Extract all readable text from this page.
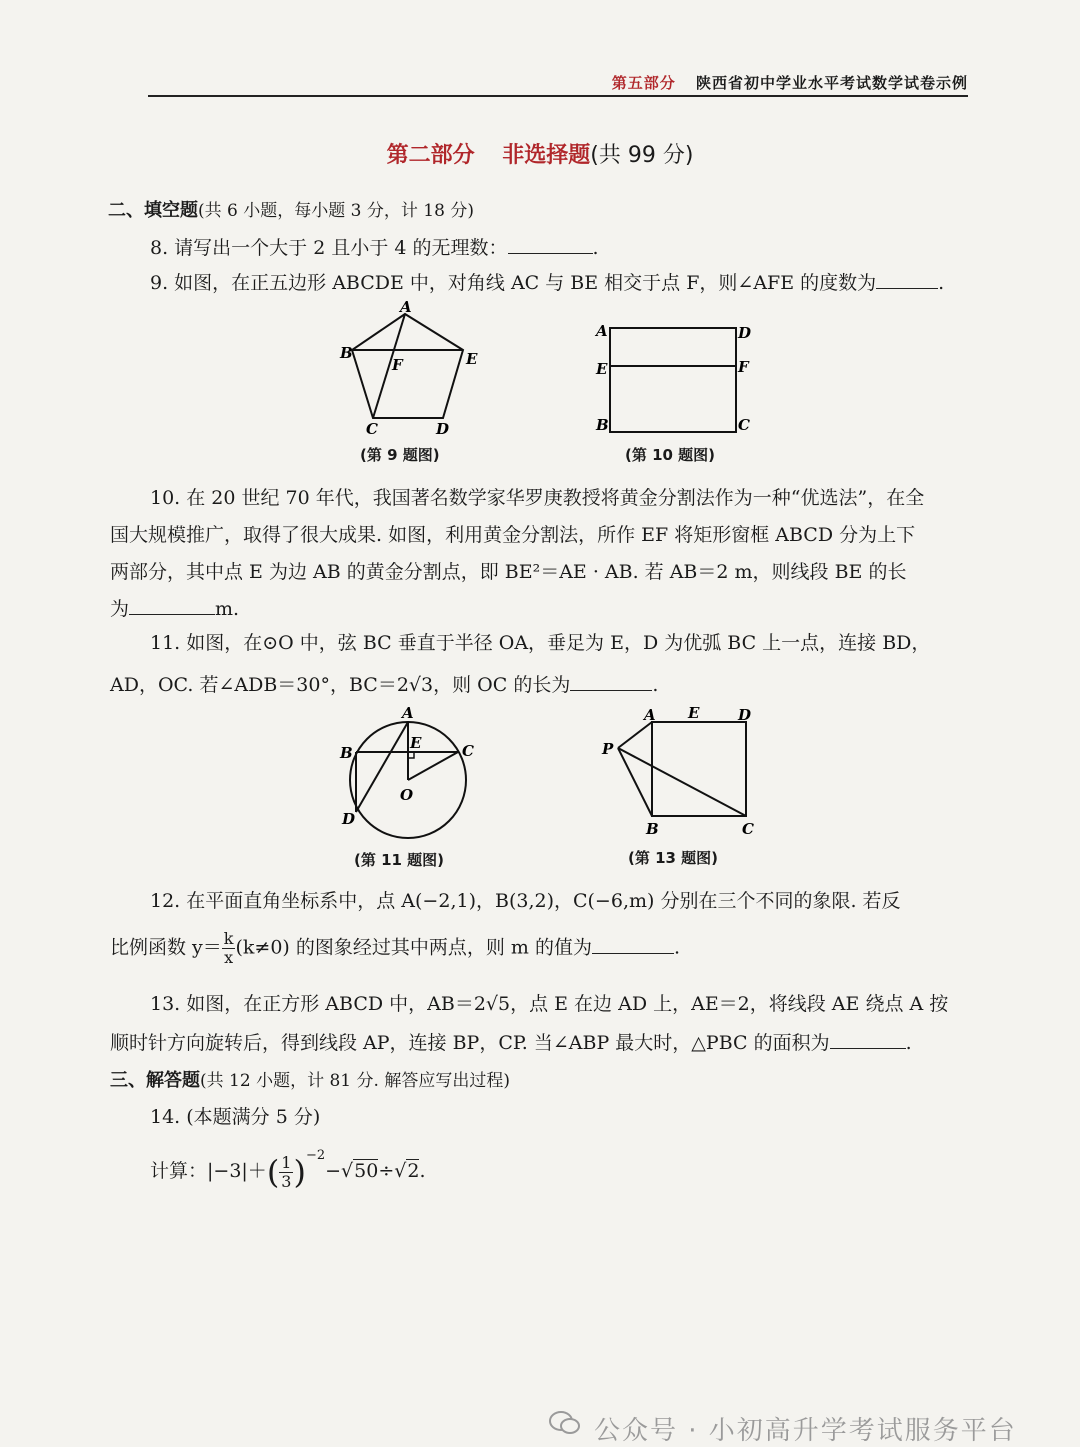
第五部分 陕西省初中学业水平考试数学试卷示例
第二部分 非选择题(共 99 分)
二、填空题(共 6 小题，每小题 3 分，计 18 分)
8. 请写出一个大于 2 且小于 4 的无理数：	.
9. 如图，在正五边形 ABCDE 中，对角线 AC 与 BE 相交于点 F，则∠AFE 的度数为	.
A
B
C	D
E
F
(第 9 题图)
A
E
B
D
F
C
(第 10 题图)
10. 在 20 世纪 70 年代，我国著名数学家华罗庚教授将黄金分割法作为一种“优选法”，在全
国大规模推广，取得了很大成果. 如图，利用黄金分割法，所作 EF 将矩形窗框 ABCD 分为上下
两部分，其中点 E 为边 AB 的黄金分割点，即 BE²＝AE · AB. 若 AB＝2 m，则线段 BE 的长
为	m.
11. 如图，在⊙O 中，弦 BC 垂直于半径 OA，垂足为 E，D 为优弧 BC 上一点，连接 BD，
AD，OC. 若∠ADB＝30°，BC＝2√3，则 OC 的长为	.
A
B	C
D
E
O
(第 11 题图)
A E	D
P
B	C
(第 13 题图)
12. 在平面直角坐标系中，点 A(−2,1)，B(3,2)，C(−6,m) 分别在三个不同的象限. 若反
比例函数 $y= \frac{k}{x} (k\ne 0)$ 的图象经过其中两点，则 m 的值为	.
13. 如图，在正方形 ABCD 中，AB＝2√5，点 E 在边 AD 上，AE＝2，将线段 AE 绕点 A 按
顺时针方向旋转后，得到线段 AP，连接 BP，CP. 当∠ABP 最大时，△PBC 的面积为	.
三、解答题(共 12 小题，计 81 分. 解答应写出过程)
14. (本题满分 5 分)
计算：$|-3|+( \frac{1}{3} )^{-2}-√50\div√2$.
公众号 · 小初高升学考试服务平台
